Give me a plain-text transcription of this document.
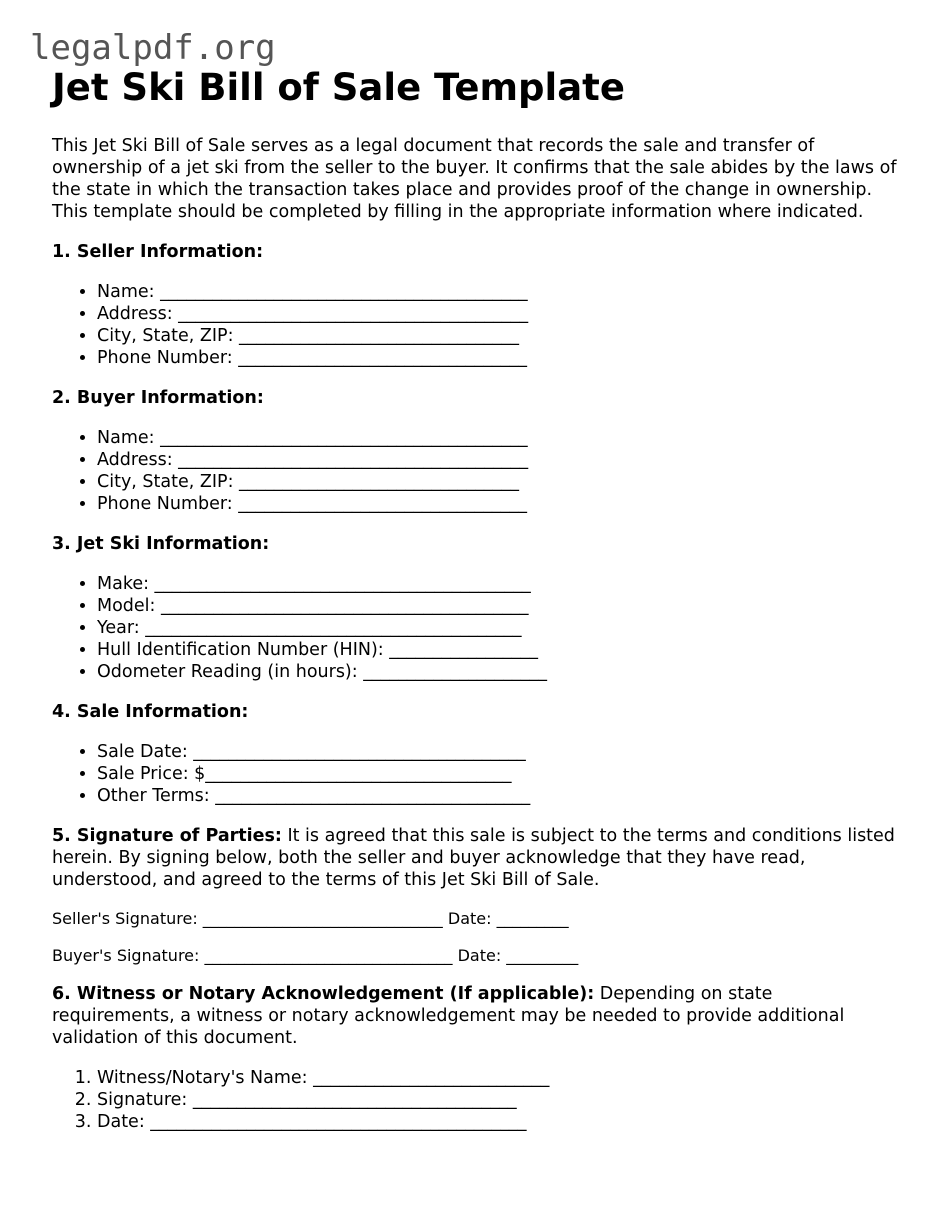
legalpdf.org
Jet Ski Bill of Sale Template

This Jet Ski Bill of Sale serves as a legal document that records the sale and transfer of ownership of a jet ski from the seller to the buyer. It confirms that the sale abides by the laws of the state in which the transaction takes place and provides proof of the change in ownership. This template should be completed by filling in the appropriate information where indicated.

1. Seller Information:
• Name: __________________________________________
• Address: ________________________________________
• City, State, ZIP: ________________________________
• Phone Number: _________________________________
2. Buyer Information:
• Name: __________________________________________
• Address: ________________________________________
• City, State, ZIP: ________________________________
• Phone Number: _________________________________
3. Jet Ski Information:
• Make: ___________________________________________
• Model: __________________________________________
• Year: ___________________________________________
• Hull Identification Number (HIN): _________________
• Odometer Reading (in hours): _____________________
4. Sale Information:
• Sale Date: ______________________________________
• Sale Price: $___________________________________
• Other Terms: ____________________________________

5. Signature of Parties: It is agreed that this sale is subject to the terms and conditions listed herein. By signing below, both the seller and buyer acknowledge that they have read, understood, and agreed to the terms of this Jet Ski Bill of Sale.

Seller's Signature: ______________________________ Date: _________
Buyer's Signature: _______________________________ Date: _________

6. Witness or Notary Acknowledgement (If applicable): Depending on state requirements, a witness or notary acknowledgement may be needed to provide additional validation of this document.

1. Witness/Notary's Name: ___________________________
2. Signature: _____________________________________
3. Date: ___________________________________________
